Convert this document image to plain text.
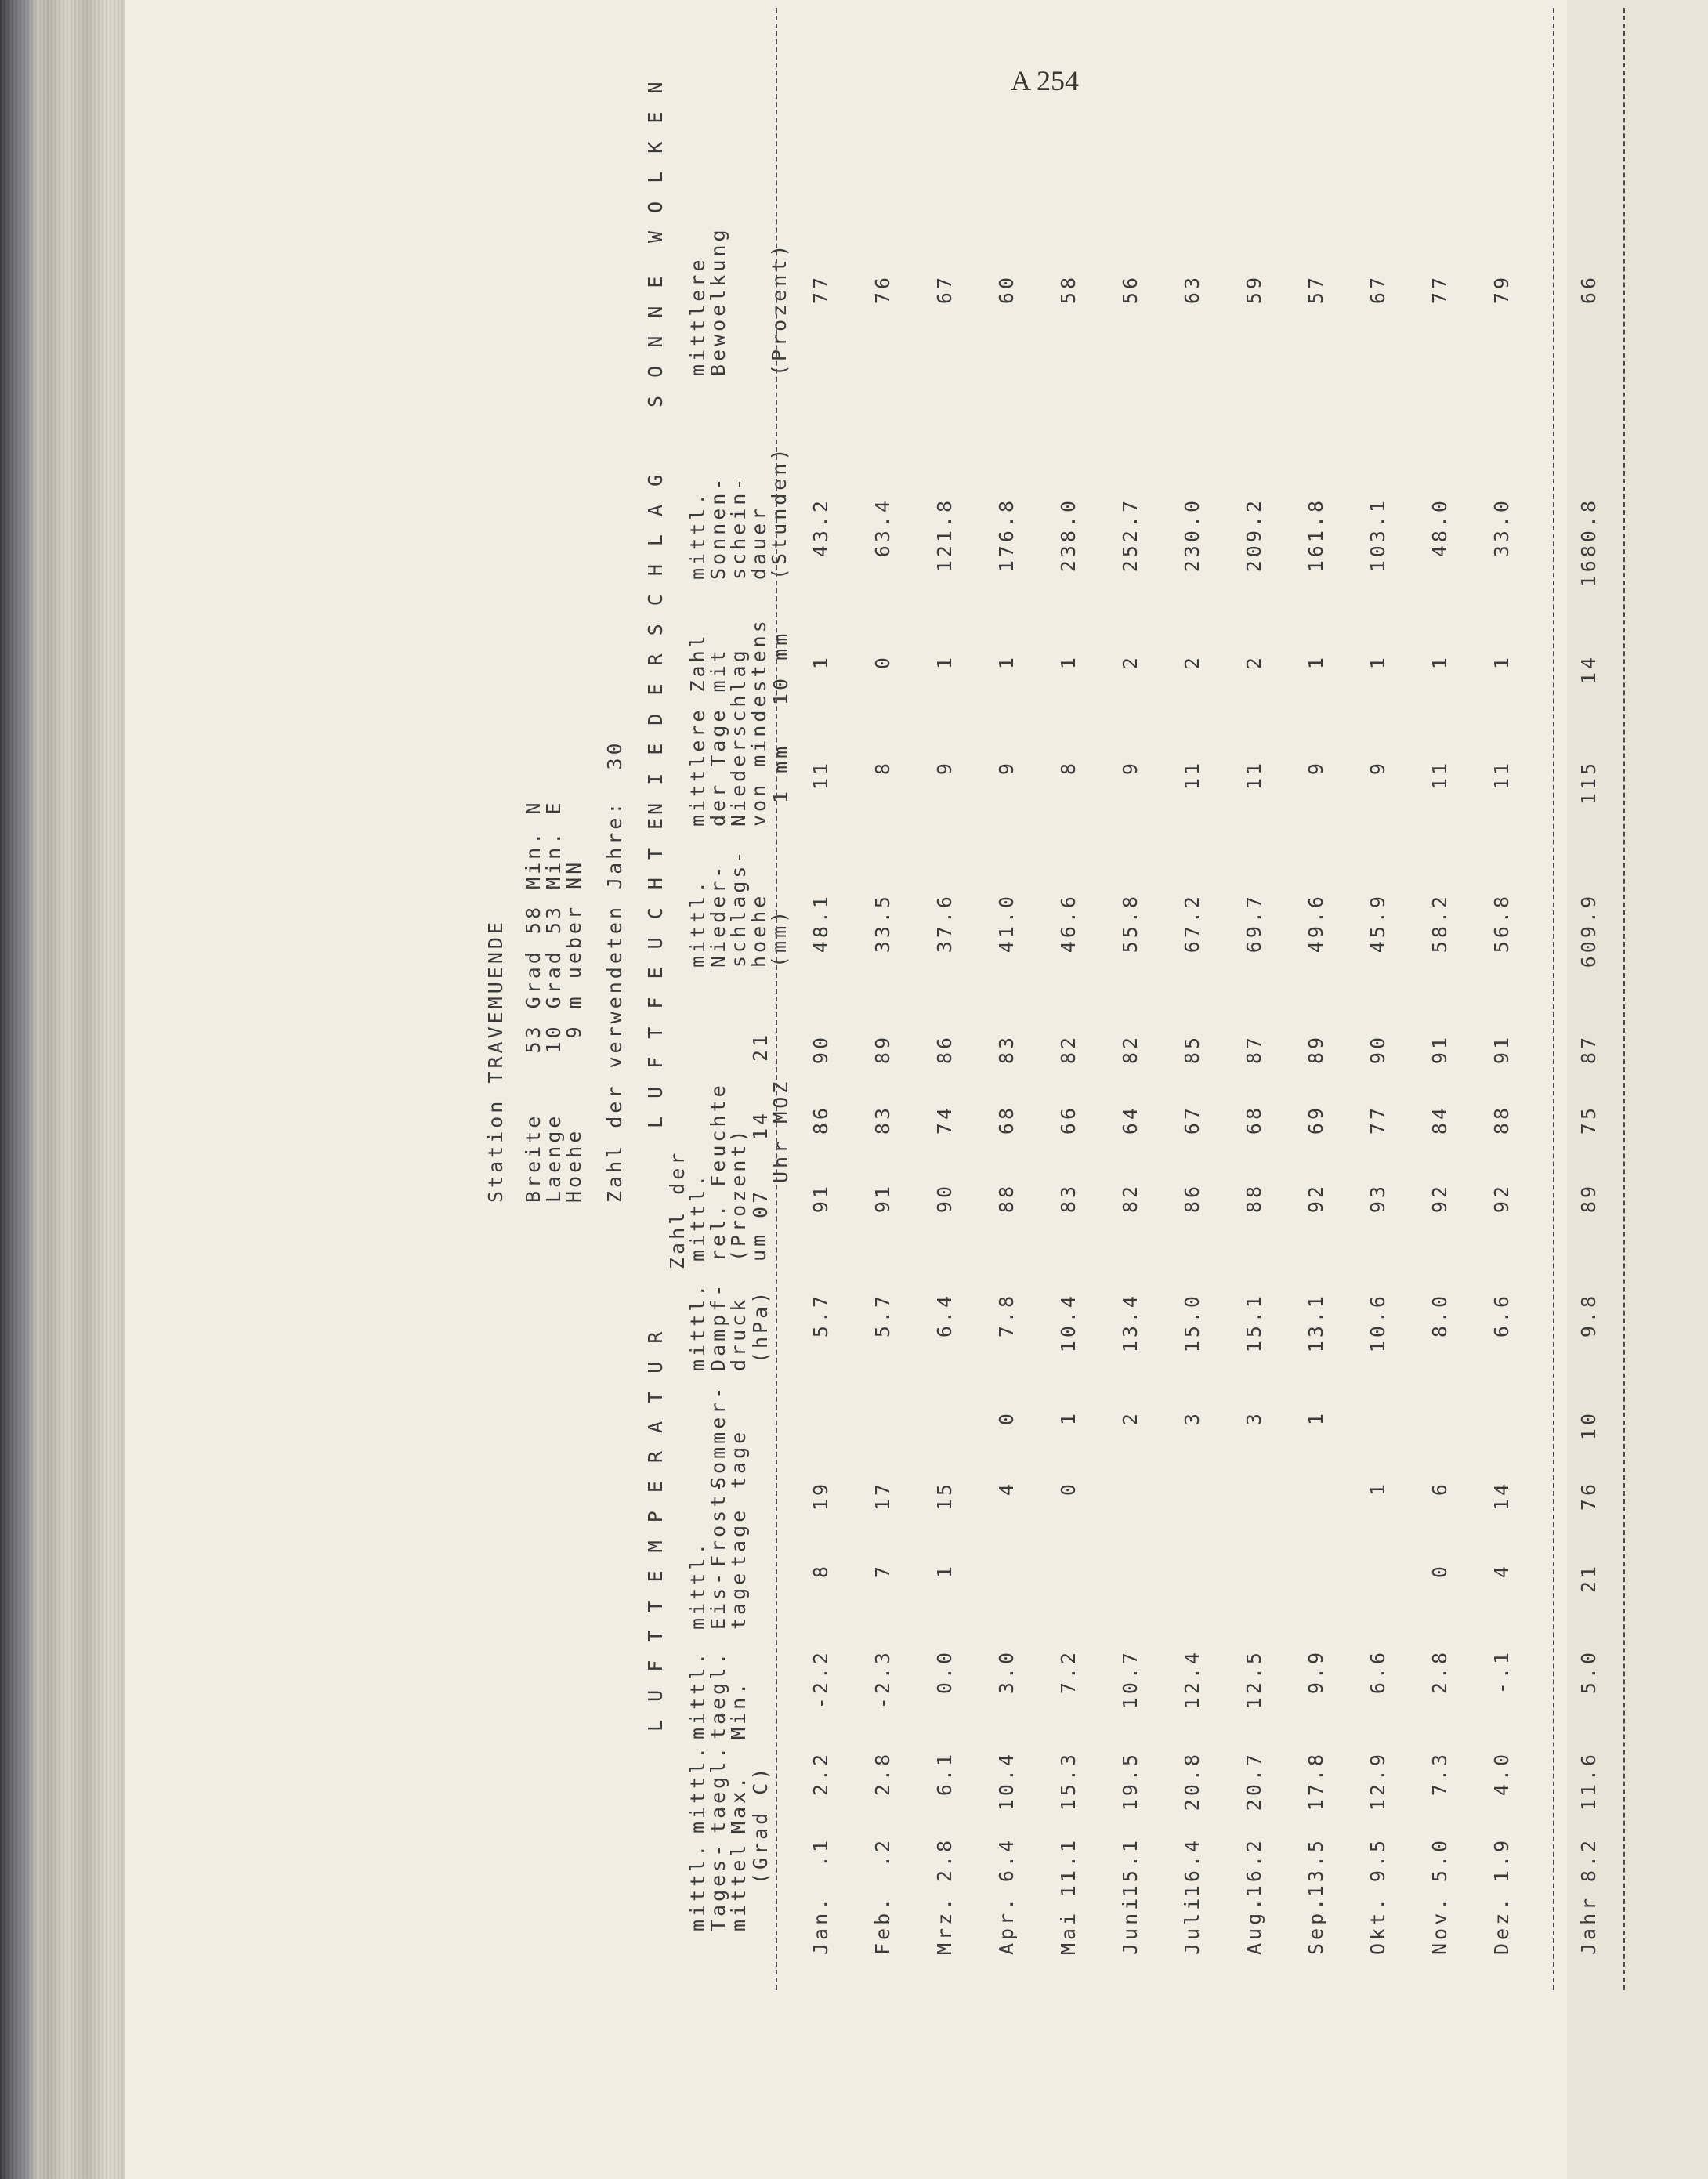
A 254
Station TRAVEMUENDE Breite    53 Grad 58 Min. N
Laenge    10 Grad 53 Min. E
Hoehe      9 m ueber NN Zahl der verwendeten Jahre:  30
L U F T T E M P E R A T U R
L U F T F E U C H T E
N I E D E R S C H L A G
S O N N E
W O L K E N
Zahl der
mittl.
Tages-
mittel
(Grad C)
mittl.
taegl.
Max.
mittl.
taegl.
Min.
mittl.
Eis-
tage
Frost-
tage
Sommer-
tage
mittl.
Dampf-
druck (hPa)
mittl.
rel. Feuchte
(Prozent)
um
07
14
21
Uhr MOZ
mittl.
Nieder-
schlags-
hoehe
(mm)
mittlere Zahl
der Tage mit
Niederschlag
von mindestens 1 mm
10 mm
mittl.
Sonnen-
schein-
dauer
(Stunden)
mittlere
Bewoelkung (Prozent)
Jan.
.1
2.2
-2.2
8
19
5.7
91
86
90
48.1
11
1
43.2
77
Feb.
.2
2.8
-2.3
7
17
5.7
91
83
89
33.5
8
0
63.4
76
Mrz.
2.8
6.1
0.0
1
15
6.4
90
74
86
37.6
9
1
121.8
67
Apr.
6.4
10.4
3.0
4
0
7.8
88
68
83
41.0
9
1
176.8
60
Mai
11.1
15.3
7.2
0
1
10.4
83
66
82
46.6
8
1
238.0
58
Juni
15.1
19.5
10.7
2
13.4
82
64
82
55.8
9
2
252.7
56
Juli
16.4
20.8
12.4
3
15.0
86
67
85
67.2
11
2
230.0
63
Aug.
16.2
20.7
12.5
3
15.1
88
68
87
69.7
11
2
209.2
59
Sep.
13.5
17.8
9.9
1
13.1
92
69
89
49.6
9
1
161.8
57
Okt.
9.5
12.9
6.6
1
10.6
93
77
90
45.9
9
1
103.1
67
Nov.
5.0
7.3
2.8
0
6
8.0
92
84
91
58.2
11
1
48.0
77
Dez.
1.9
4.0
-.1
4
14
6.6
92
88
91
56.8
11
1
33.0
79
Jahr
8.2
11.6
5.0
21
76
10
9.8
89
75
87
609.9
115
14
1680.8
66
